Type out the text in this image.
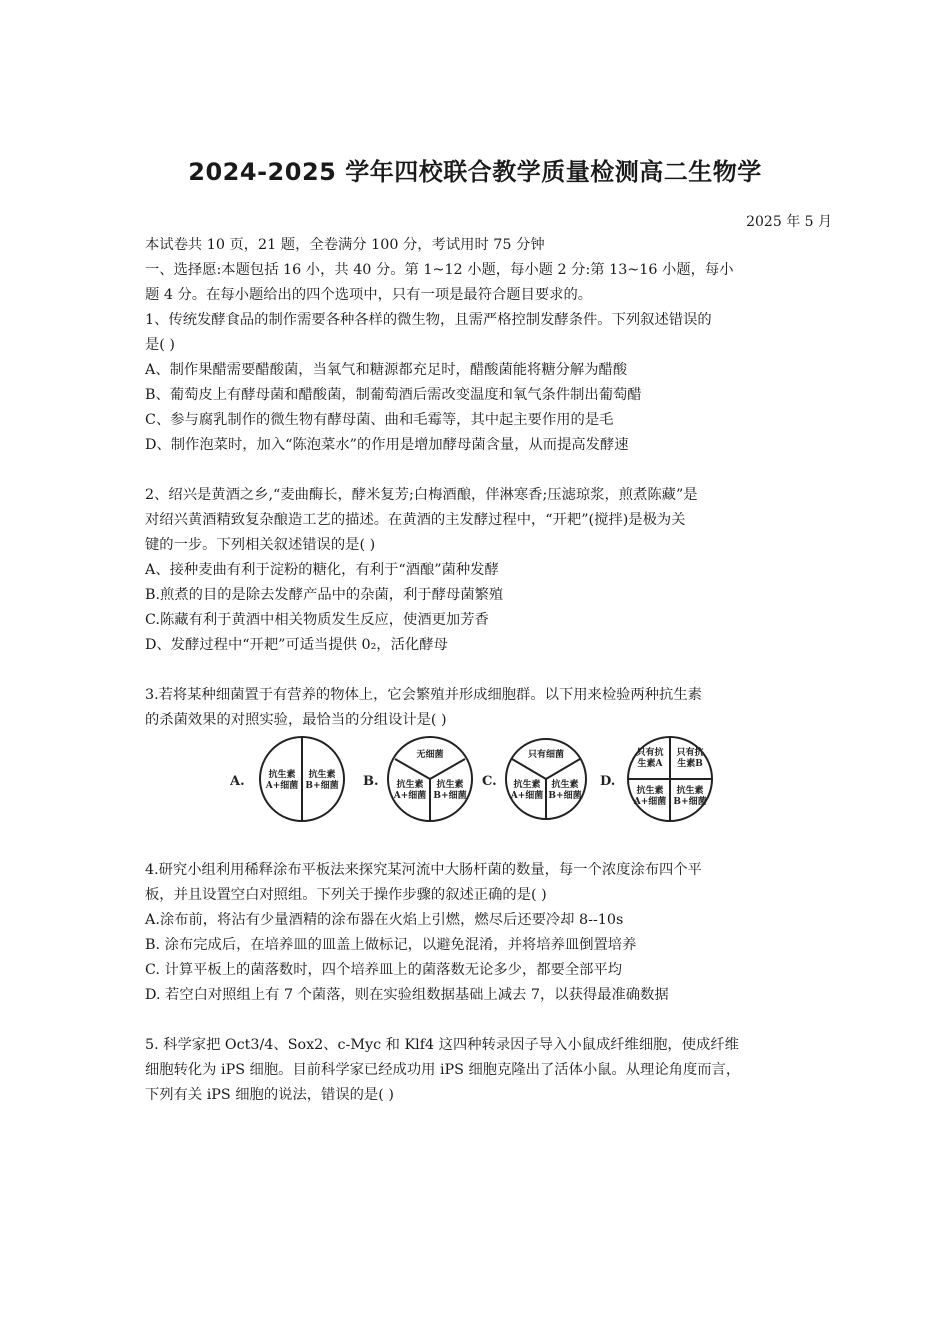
2024-2025 学年四校联合教学质量检测高二生物学
2025 年 5 月
本试卷共 10 页，21 题，全卷满分 100 分，考试用时 75 分钟
一、选择愿:本题包括 16 小，共 40 分。第 1~12 小题，每小题 2 分:第 13~16 小题，每小
题 4 分。在每小题给出的四个选项中，只有一项是最符合题目要求的。
1、传统发酵食品的制作需要各种各样的微生物，且需严格控制发酵条件。下列叙述错误的
是( )
A、制作果醋需要醋酸菌，当氧气和糖源都充足时，醋酸菌能将糖分解为醋酸
B、葡萄皮上有酵母菌和醋酸菌，制葡萄酒后需改变温度和氧气条件制出葡萄醋
C、参与腐乳制作的微生物有酵母菌、曲和毛霉等，其中起主要作用的是毛
D、制作泡菜时，加入“陈泡菜水”的作用是增加酵母菌含量，从而提高发酵速
2、绍兴是黄酒之乡,“麦曲酶长，酵米复芳;白梅酒酿，伴淋寒香;压滤琼浆，煎煮陈藏”是
对绍兴黄酒精致复杂酿造工艺的描述。在黄酒的主发酵过程中，“开耙”(搅拌)是极为关
键的一步。下列相关叙述错误的是( )
A、接种麦曲有利于淀粉的糖化，有利于“酒酿”菌种发酵
B.煎煮的目的是除去发酵产品中的杂菌，利于酵母菌繁殖
C.陈藏有利于黄酒中相关物质发生反应，使酒更加芳香
D、发酵过程中“开耙”可适当提供 0₂，活化酵母
3.若将某种细菌置于有营养的物体上，它会繁殖并形成细胞群。以下用来检验两种抗生素
的杀菌效果的对照实验，最恰当的分组设计是( )
A.	B.	C.	D.
抗生素 A+细菌
抗生素 B+细菌
无细菌
抗生素 A+细菌
抗生素 B+细菌
只有细菌
抗生素 A+细菌
抗生素 B+细菌
只有抗生素A
只有抗生素B
抗生素 A+细菌
抗生素 B+细菌
4.研究小组利用稀释涂布平板法来探究某河流中大肠杆菌的数量，每一个浓度涂布四个平
板，并且设置空白对照组。下列关于操作步骤的叙述正确的是( )
A.涂布前，将沾有少量酒精的涂布器在火焰上引燃，燃尽后还要冷却 8--10s
B. 涂布完成后，在培养皿的皿盖上做标记，以避免混淆，并将培养皿倒置培养
C. 计算平板上的菌落数时，四个培养皿上的菌落数无论多少，都要全部平均
D. 若空白对照组上有 7 个菌落，则在实验组数据基础上减去 7，以获得最准确数据
5. 科学家把 Oct3/4、Sox2、c-Myc 和 Klf4 这四种转录因子导入小鼠成纤维细胞，使成纤维
细胞转化为 iPS 细胞。目前科学家已经成功用 iPS 细胞克隆出了活体小鼠。从理论角度而言，
下列有关 iPS 细胞的说法，错误的是( )
